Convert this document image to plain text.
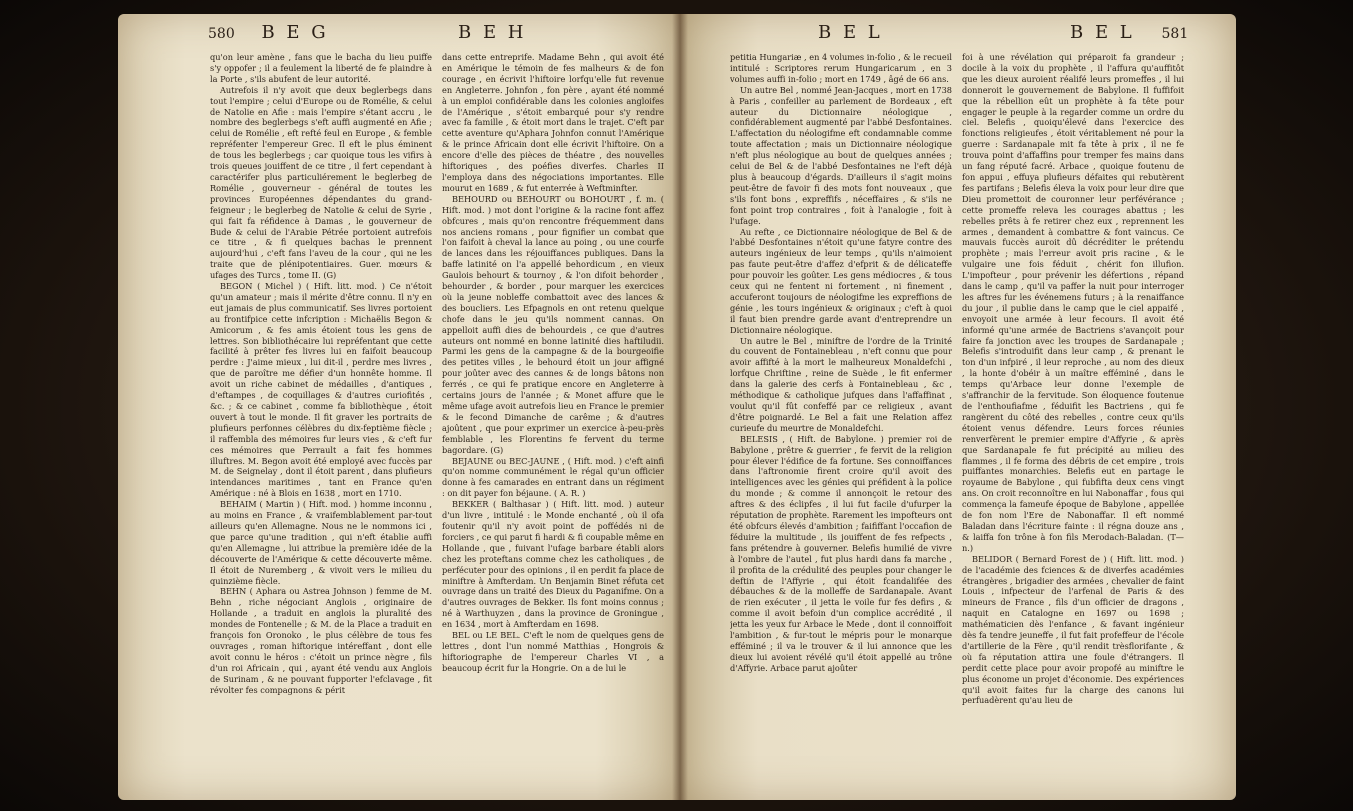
580 B E G	B E H	B E L	B E L 581

qu'on leur amène , fans que le bacha du lieu puiffe s'y oppofer ; il a feulement la liberté de fe plaindre à la Porte , s'ils abufent de leur autorité.

Autrefois il n'y avoit que deux beglerbegs dans tout l'empire ; celui d'Europe ou de Romélie, & celui de Natolie en Afie : mais l'empire s'étant accru , le nombre des beglerbegs s'eft auffi augmenté en Afie ; celui de Romélie , eft refté feul en Europe , & femble repréfenter l'empereur Grec. Il eft le plus éminent de tous les beglerbegs ; car quoique tous les vifirs à trois queues jouiffent de ce titre , il fert cependant à caractérifer plus particuliérement le beglerbeg de Romélie , gouverneur - général de toutes les provinces Européennes dépendantes du grand-feigneur ; le beglerbeg de Natolie & celui de Syrie , qui fait fa réfidence à Damas , le gouverneur de Bude & celui de l'Arabie Pétrée portoient autrefois ce titre , & fi quelques bachas le prennent aujourd'hui , c'eft fans l'aveu de la cour , qui ne les traite que de plénipotentiaires. Guer. mœurs & ufages des Turcs , tome II. (G)

BEGON ( Michel ) ( Hift. litt. mod. ) Ce n'étoit qu'un amateur ; mais il mérite d'être connu. Il n'y en eut jamais de plus communicatif. Ses livres portoient au frontifpice cette infcription : Michaëlis Begon & Amicorum , & fes amis étoient tous les gens de lettres. Son bibliothécaire lui repréfentant que cette facilité à prêter fes livres lui en faifoit beaucoup perdre : J'aime mieux , lui dit-il , perdre mes livres , que de paroître me défier d'un honnête homme. Il avoit un riche cabinet de médailles , d'antiques , d'eftampes , de coquillages & d'autres curiofités , &c. ; & ce cabinet , comme fa bibliothèque , étoit ouvert à tout le monde. Il fit graver les portraits de plufieurs perfonnes célèbres du dix-feptième fiècle ; il raffembla des mémoires fur leurs vies , & c'eft fur ces mémoires que Perrault a fait fes hommes illuftres. M. Begon avoit été employé avec fuccès par M. de Seignelay , dont il étoit parent , dans plufieurs intendances maritimes , tant en France qu'en Amérique : né à Blois en 1638 , mort en 1710.

BEHAIM ( Martin ) ( Hift. mod. ) homme inconnu , au moins en France , & vraifemblablement par-tout ailleurs qu'en Allemagne. Nous ne le nommons ici , que parce qu'une tradition , qui n'eft établie auffi qu'en Allemagne , lui attribue la première idée de la découverte de l'Amérique & cette découverte même. Il étoit de Nuremberg , & vivoit vers le milieu du quinzième fiècle.

BEHN ( Aphara ou Astrea Johnson ) femme de M. Behn , riche négociant Anglois , originaire de Hollande , a traduit en anglois la pluralité des mondes de Fontenelle ; & M. de la Place a traduit en françois fon Oronoko , le plus célèbre de tous fes ouvrages , roman hiftorique intéreffant , dont elle avoit connu le héros : c'étoit un prince nègre , fils d'un roi Africain , qui , ayant été vendu aux Anglois de Surinam , & ne pouvant fupporter l'efclavage , fit révolter fes compagnons & périt

dans cette entreprife. Madame Behn , qui avoit été en Amérique le témoin de fes malheurs & de fon courage , en écrivit l'hiftoire lorfqu'elle fut revenue en Angleterre. Johnfon , fon père , ayant été nommé à un emploi confidérable dans les colonies angloifes de l'Amérique , s'étoit embarqué pour s'y rendre avec fa famille , & étoit mort dans le trajet. C'eft par cette aventure qu'Aphara Johnfon connut l'Amérique & le prince Africain dont elle écrivit l'hiftoire. On a encore d'elle des pièces de théatre , des nouvelles hiftoriques , des poéfies diverfes. Charles II l'employa dans des négociations importantes. Elle mourut en 1689 , & fut enterrée à Weftminfter.

BEHOURD ou BEHOURT ou BOHOURT , f. m. ( Hift. mod. ) mot dont l'origine & la racine font affez obfcures , mais qu'on rencontre fréquemment dans nos anciens romans , pour fignifier un combat que l'on faifoit à cheval la lance au poing , ou une courfe de lances dans les réjouiffances publiques. Dans la baffe latinité on l'a appellé behordicum , en vieux Gaulois behourt & tournoy , & l'on difoit behorder , behourder , & border , pour marquer les exercices où la jeune nobleffe combattoit avec des lances & des boucliers. Les Efpagnols en ont retenu quelque chofe dans le jeu qu'ils nomment cannas. On appelloit auffi dies de behourdeis , ce que d'autres auteurs ont nommé en bonne latinité dies haftiludii. Parmi les gens de la campagne & de la bourgeoifie des petites villes , le behourd étoit un jour affigné pour joûter avec des cannes & de longs bâtons non ferrés , ce qui fe pratique encore en Angleterre à certains jours de l'année ; & Monet affure que le même ufage avoit autrefois lieu en France le premier & le fecond Dimanche de carême ; & d'autres ajoûtent , que pour exprimer un exercice à-peu-près femblable , les Florentins fe fervent du terme bagordare. (G)

BEJAUNE ou BEC-JAUNE , ( Hift. mod. ) c'eft ainfi qu'on nomme communément le régal qu'un officier donne à fes camarades en entrant dans un régiment : on dit payer fon béjaune. ( A. R. )

BEKKER ( Balthasar ) ( Hift. litt. mod. ) auteur d'un livre , intitulé : le Monde enchanté , où il ofa foutenir qu'il n'y avoit point de poffédés ni de forciers , ce qui parut fi hardi & fi coupable même en Hollande , que , fuivant l'ufage barbare établi alors chez les proteftans comme chez les catholiques , de perfécuter pour des opinions , il en perdit fa place de miniftre à Amfterdam. Un Benjamin Binet réfuta cet ouvrage dans un traité des Dieux du Paganifme. On a d'autres ouvrages de Bekker. Ils font moins connus ; né à Warthuyzen , dans la province de Groningue , en 1634 , mort à Amfterdam en 1698.

BEL ou LE BEL. C'eft le nom de quelques gens de lettres , dont l'un nommé Matthias , Hongrois & hiftoriographe de l'empereur Charles VI , a beaucoup écrit fur la Hongrie. On a de lui le

petitia Hungariæ , en 4 volumes in-folio , & le recueil intitulé : Scriptores rerum Hungaricarum , en 3 volumes auffi in-folio ; mort en 1749 , âgé de 66 ans.

Un autre Bel , nommé Jean-Jacques , mort en 1738 à Paris , confeiller au parlement de Bordeaux , eft auteur du Dictionnaire néologique , confidérablement augmenté par l'abbé Desfontaines. L'affectation du néologifme eft condamnable comme toute affectation ; mais un Dictionnaire néologique n'eft plus néologique au bout de quelques années ; celui de Bel & de l'abbé Desfontaines ne l'eft déjà plus à beaucoup d'égards. D'ailleurs il s'agit moins peut-être de favoir fi des mots font nouveaux , que s'ils font bons , expreffifs , néceffaires , & s'ils ne font point trop contraires , foit à l'analogie , foit à l'ufage.

Au refte , ce Dictionnaire néologique de Bel & de l'abbé Desfontaines n'étoit qu'une fatyre contre des auteurs ingénieux de leur temps , qu'ils n'aimoient pas faute peut-être d'affez d'efprit & de délicateffe pour pouvoir les goûter. Les gens médiocres , & tous ceux qui ne fentent ni fortement , ni finement , accuferont toujours de néologifme les expreffions de génie , les tours ingénieux & originaux ; c'eft à quoi il faut bien prendre garde avant d'entreprendre un Dictionnaire néologique.

Un autre le Bel , miniftre de l'ordre de la Trinité du couvent de Fontainebleau , n'eft connu que pour avoir affifté à la mort le malheureux Monaldefchi , lorfque Chriftine , reine de Suède , le fit enfermer dans la galerie des cerfs à Fontainebleau , &c , méthodique & catholique jufques dans l'affaffinat , voulut qu'il fût confeffé par ce religieux , avant d'être poignardé. Le Bel a fait une Relation affez curieufe du meurtre de Monaldefchi.

BELESIS , ( Hift. de Babylone. ) premier roi de Babylone , prêtre & guerrier , fe fervit de la religion pour élever l'édifice de fa fortune. Ses connoiffances dans l'aftronomie firent croire qu'il avoit des intelligences avec les génies qui préfident à la police du monde ; & comme il annonçoit le retour des aftres & des éclipfes , il lui fut facile d'ufurper la réputation de prophète. Rarement les impofteurs ont été obfcurs élevés d'ambition ; faififfant l'occafion de féduire la multitude , ils jouiffent de fes refpects , fans prétendre à gouverner. Belefis humilié de vivre à l'ombre de l'autel , fut plus hardi dans fa marche , il profita de la crédulité des peuples pour changer le deftin de l'Affyrie , qui étoit fcandalifée des débauches & de la molleffe de Sardanapale. Avant de rien exécuter , il jetta le voile fur fes defirs , & comme il avoit befoin d'un complice accrédité , il jetta les yeux fur Arbace le Mede , dont il connoiffoit l'ambition , & fur-tout le mépris pour le monarque efféminé ; il va le trouver & il lui annonce que les dieux lui avoient révélé qu'il étoit appellé au trône d'Affyrie. Arbace parut ajoûter

foi à une révélation qui préparoit fa grandeur ; docile à la voix du prophète , il l'affura qu'auffitôt que les dieux auroient réalifé leurs promeffes , il lui donneroit le gouvernement de Babylone. Il fuffifoit que la rébellion eût un prophète à fa tête pour engager le peuple à la regarder comme un ordre du ciel. Belefis , quoiqu'élevé dans l'exercice des fonctions religieufes , étoit véritablement né pour la guerre : Sardanapale mit fa tête à prix , il ne fe trouva point d'affaffins pour tremper fes mains dans un fang réputé facré. Arbace , quoique foutenu de fon appui , effuya plufieurs défaites qui rebutèrent fes partifans ; Belefis éleva la voix pour leur dire que Dieu promettoit de couronner leur perfévérance ; cette promeffe releva les courages abattus ; les rebelles prêts à fe retirer chez eux , reprennent les armes , demandent à combattre & font vaincus. Ce mauvais fuccès auroit dû décréditer le prétendu prophète ; mais l'erreur avoit pris racine , & le vulgaire une fois féduit , chérit fon illufion. L'impofteur , pour prévenir les défertions , répand dans le camp , qu'il va paffer la nuit pour interroger les aftres fur les événemens futurs ; à la renaiffance du jour , il publie dans le camp que le ciel appaifé , envoyoit une armée à leur fecours. Il avoit été informé qu'une armée de Bactriens s'avançoit pour faire fa jonction avec les troupes de Sardanapale ; Belefis s'introduifit dans leur camp , & prenant le ton d'un infpiré , il leur reproche , au nom des dieux , la honte d'obéir à un maître efféminé , dans le temps qu'Arbace leur donne l'exemple de s'affranchir de la fervitude. Son éloquence foutenue de l'enthoufiafme , féduifit les Bactriens , qui fe rangèrent du côté des rebelles , contre ceux qu'ils étoient venus défendre. Leurs forces réunies renverfèrent le premier empire d'Affyrie , & après que Sardanapale fe fut précipité au milieu des flammes , il fe forma des débris de cet empire , trois puiffantes monarchies. Belefis eut en partage le royaume de Babylone , qui fubfifta deux cens vingt ans. On croit reconnoître en lui Nabonaffar , fous qui commença la fameufe époque de Babylone , appellée de fon nom l'Ere de Nabonaffar. Il eft nommé Baladan dans l'écriture fainte : il régna douze ans , & laiffa fon trône à fon fils Merodach-Baladan. (T—n.)

BELIDOR ( Bernard Forest de ) ( Hift. litt. mod. ) de l'académie des fciences & de diverfes académies étrangères , brigadier des armées , chevalier de faint Louis , infpecteur de l'arfenal de Paris & des mineurs de France , fils d'un officier de dragons , naquit en Catalogne en 1697 ou 1698 ; mathématicien dès l'enfance , & favant ingénieur dès fa tendre jeuneffe , il fut fait profeffeur de l'école d'artillerie de la Fère , qu'il rendit trèsflorifante , & où fa réputation attira une foule d'étrangers. Il perdit cette place pour avoir propofé au miniftre le plus économe un projet d'économie. Des expériences qu'il avoit faites fur la charge des canons lui perfuadèrent qu'au lieu de
